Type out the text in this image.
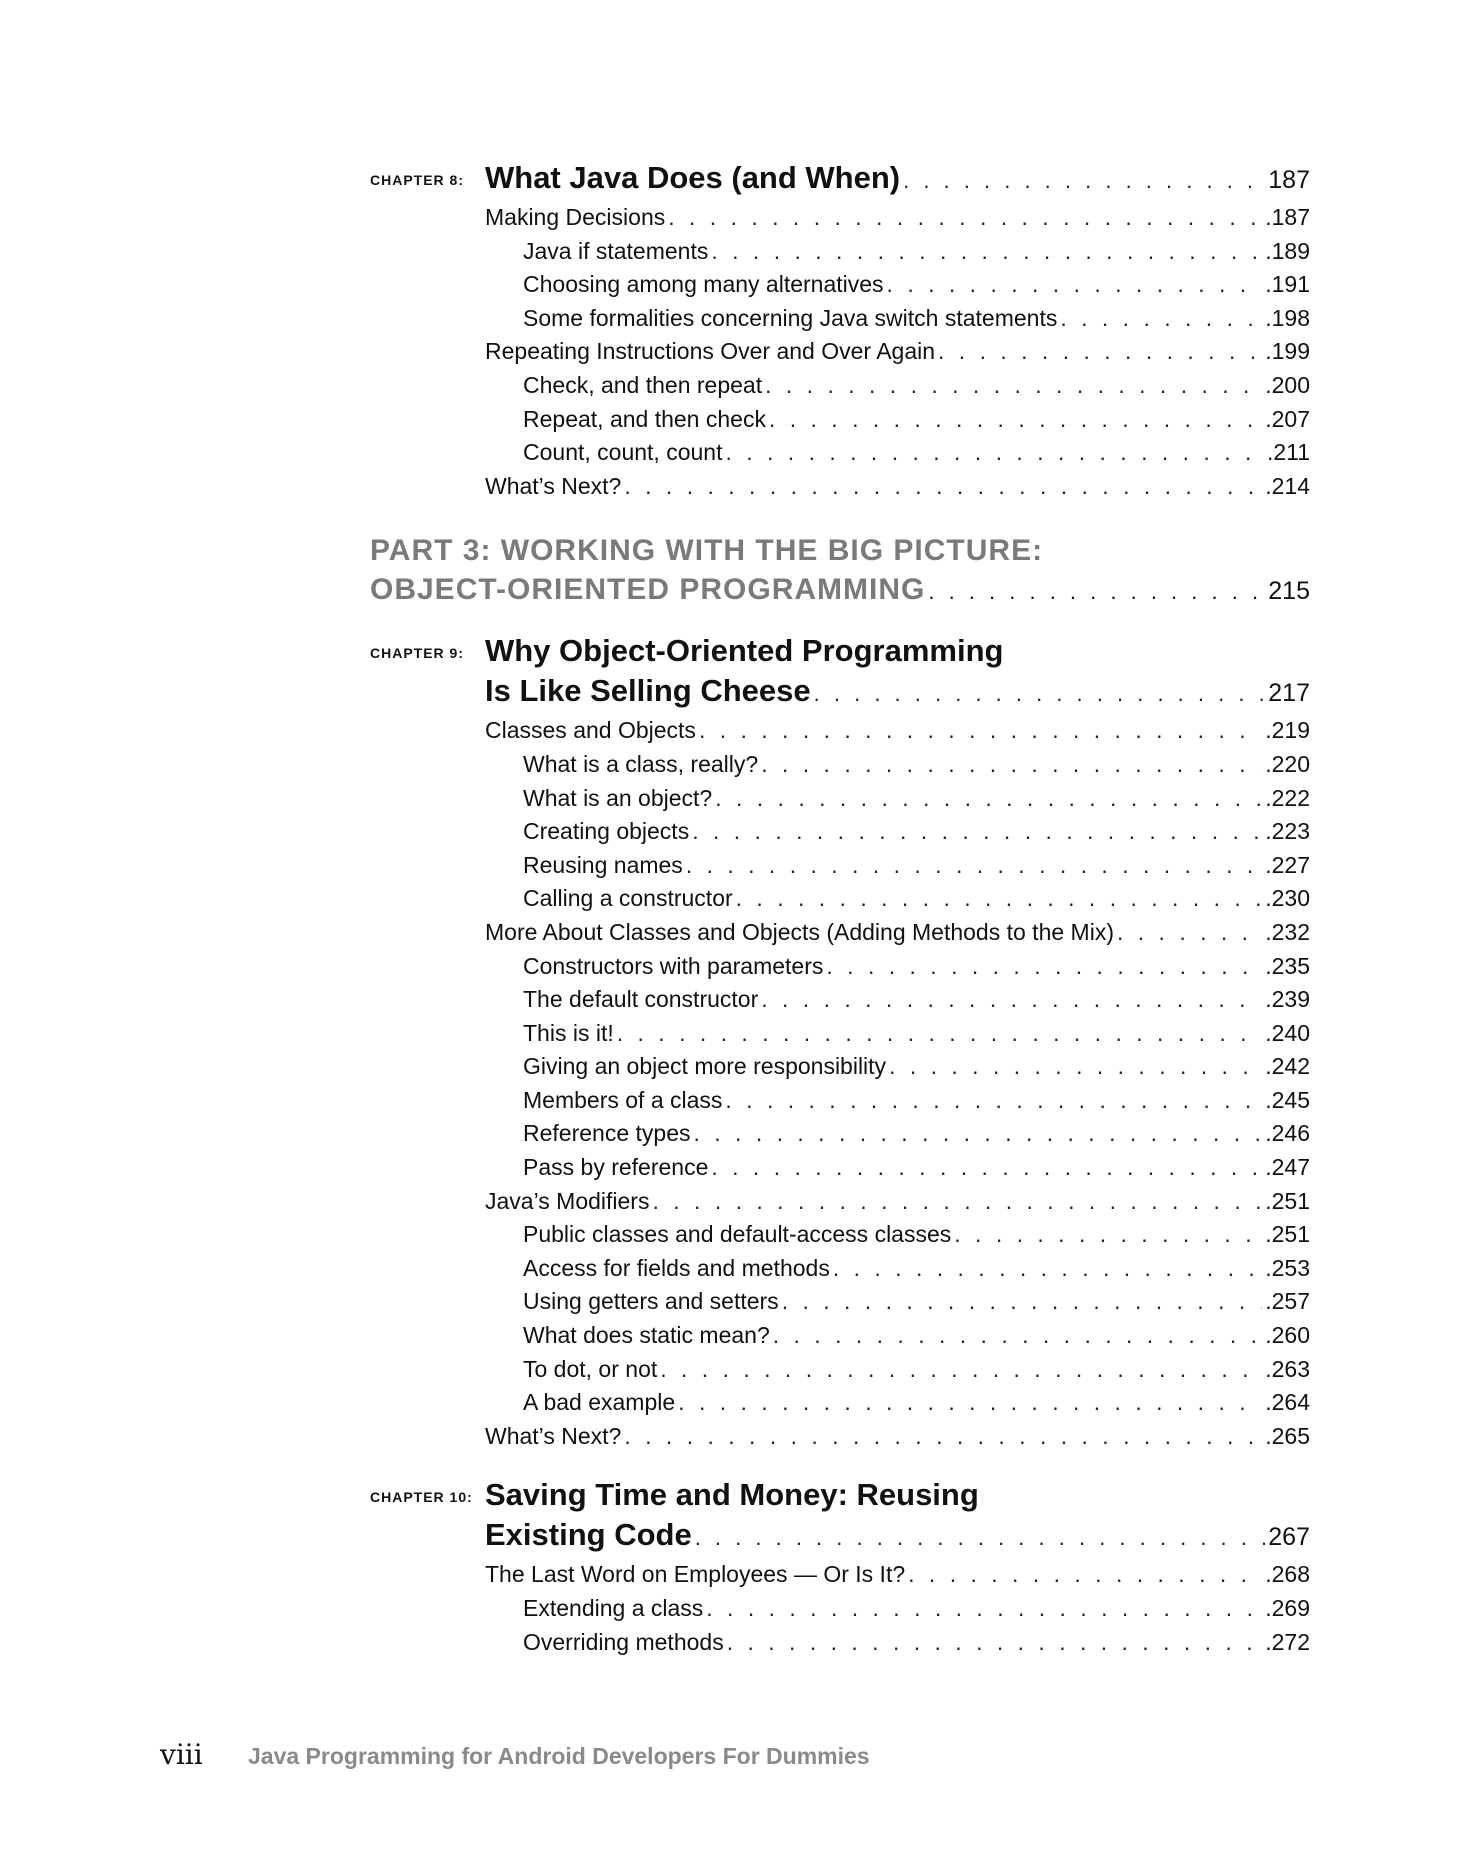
CHAPTER 8: What Java Does (and When) . . .	187
Making Decisions . . .	.187
Java if statements . . .	.189
Choosing among many alternatives . . .	.191
Some formalities concerning Java switch statements . . .	.198
Repeating Instructions Over and Over Again . . .	.199
Check, and then repeat . . .	.200
Repeat, and then check . . .	.207
Count, count, count . . .	.211
What’s Next? . . .	.214
PART 3: WORKING WITH THE BIG PICTURE:
OBJECT-ORIENTED PROGRAMMING . . .	215
CHAPTER 9: Why Object-Oriented Programming
Is Like Selling Cheese . . .	217
Classes and Objects . . .	.219
What is a class, really? . . .	.220
What is an object? . . .	.222
Creating objects . . .	.223
Reusing names . . .	.227
Calling a constructor . . .	.230
More About Classes and Objects (Adding Methods to the Mix) . . .	.232
Constructors with parameters . . .	.235
The default constructor . . .	.239
This is it! . . .	.240
Giving an object more responsibility . . .	.242
Members of a class . . .	.245
Reference types . . .	.246
Pass by reference . . .	.247
Java’s Modifiers . . .	.251
Public classes and default-access classes . . .	.251
Access for fields and methods . . .	.253
Using getters and setters . . .	.257
What does static mean? . . .	.260
To dot, or not . . .	.263
A bad example . . .	.264
What’s Next? . . .	.265
CHAPTER 10: Saving Time and Money: Reusing
Existing Code . . .	267
The Last Word on Employees — Or Is It? . . .	.268
Extending a class . . .	.269
Overriding methods . . .	.272
viii	Java Programming for Android Developers For Dummies
